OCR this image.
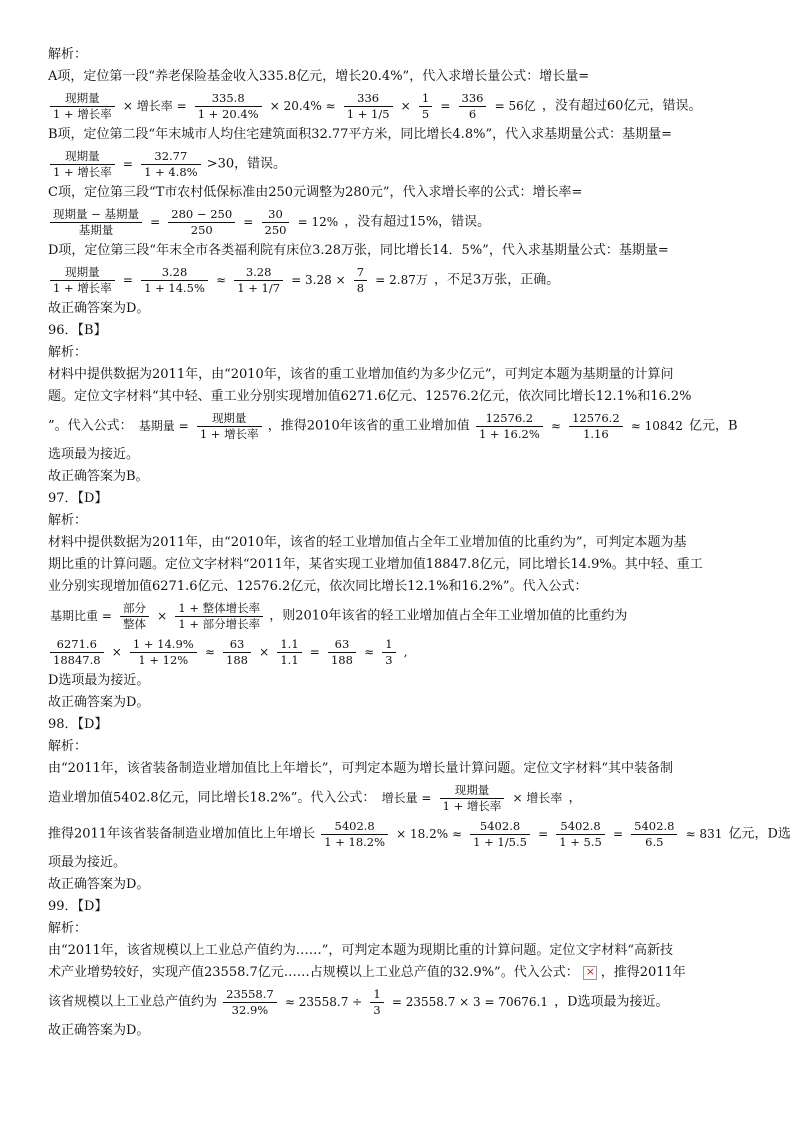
解析：
A项，定位第一段“养老保险基金收入335.8亿元，增长20.4%”，代入求增长量公式：增长量=
$\frac{\text{现期量}}{\text{1 + 增长率}}$ × 增长率 = $\frac{335.8}{1 + 20.4\%} \times 20.4\% \approx \frac{336}{1 + 1/5} \times \frac{1}{5} = \frac{336}{6} = 56$亿 ，没有超过60亿元，错误。
B项，定位第二段“年末城市人均住宅建筑面积32.77平方米，同比增长4.8%”，代入求基期量公式：基期量=
$\frac{\text{现期量}}{\text{1 + 增长率}} = \frac{32.77}{1 + 4.8\%} >30$，错误。
C项，定位第三段“T市农村低保标准由250元调整为280元”，代入求增长率的公式：增长率=
$\frac{\text{现期量 − 基期量}}{\text{基期量}} = \frac{280 - 250}{250} = \frac{30}{250} = 12\%$ ，没有超过15%，错误。
D项，定位第三段“年末全市各类福利院有床位3.28万张，同比增长14．5%”，代入求基期量公式：基期量=
$\frac{\text{现期量}}{\text{1 + 增长率}} = \frac{3.28}{1 + 14.5\%} \approx \frac{3.28}{1 + 1/7} = 3.28 \times \frac{7}{8} = 2.87$万 ，不足3万张，正确。
故正确答案为D。
96．【B】
解析：
材料中提供数据为2011年，由“2010年，该省的重工业增加值约为多少亿元”，可判定本题为基期量的计算问
题。定位文字材料“其中轻、重工业分别实现增加值6271.6亿元、12576.2亿元，依次同比增长12.1%和16.2%
”。代入公式： 基期量 = $\frac{\text{现期量}}{\text{1 + 增长率}}$ ，推得2010年该省的重工业增加值 $\frac{12576.2}{1 + 16.2\%} \approx \frac{12576.2}{1.16} \approx 10842$ 亿元，B
选项最为接近。
故正确答案为B。
97．【D】
解析：
材料中提供数据为2011年，由“2010年，该省的轻工业增加值占全年工业增加值的比重约为”，可判定本题为基
期比重的计算问题。定位文字材料“2011年，某省实现工业增加值18847.8亿元，同比增长14.9%。其中轻、重工
业分别实现增加值6271.6亿元、12576.2亿元，依次同比增长12.1%和16.2%”。代入公式：
基期比重 = $\frac{\text{部分}}{\text{整体}} \times \frac{\text{1 + 整体增长率}}{\text{1 + 部分增长率}}$ ，则2010年该省的轻工业增加值占全年工业增加值的比重约为
$\frac{6271.6}{18847.8} \times \frac{1 + 14.9\%}{1 + 12\%} \approx \frac{63}{188} \times \frac{1.1}{1.1} = \frac{63}{188} \approx \frac{1}{3}$ ,
D选项最为接近。
故正确答案为D。
98．【D】
解析：
由“2011年，该省装备制造业增加值比上年增长”，可判定本题为增长量计算问题。定位文字材料“其中装备制
造业增加值5402.8亿元，同比增长18.2%”。代入公式： 增长量 = $\frac{\text{现期量}}{\text{1 + 增长率}}$ × 增长率 ，
推得2011年该省装备制造业增加值比上年增长 $\frac{5402.8}{1 + 18.2\%} \times 18.2\% \approx \frac{5402.8}{1 + 1/5.5} = \frac{5402.8}{1 + 5.5} = \frac{5402.8}{6.5} \approx 831$ 亿元，D选
项最为接近。
故正确答案为D。
99．【D】
解析：
由“2011年，该省规模以上工业总产值约为……”，可判定本题为现期比重的计算问题。定位文字材料“高新技
术产业增势较好，实现产值23558.7亿元……占规模以上工业总产值的32.9%”。代入公式：× ，推得2011年
该省规模以上工业总产值约为 $\frac{23558.7}{32.9\%} \approx 23558.7 \div \frac{1}{3} = 23558.7 \times 3 = 70676.1$ ，D选项最为接近。
故正确答案为D。
